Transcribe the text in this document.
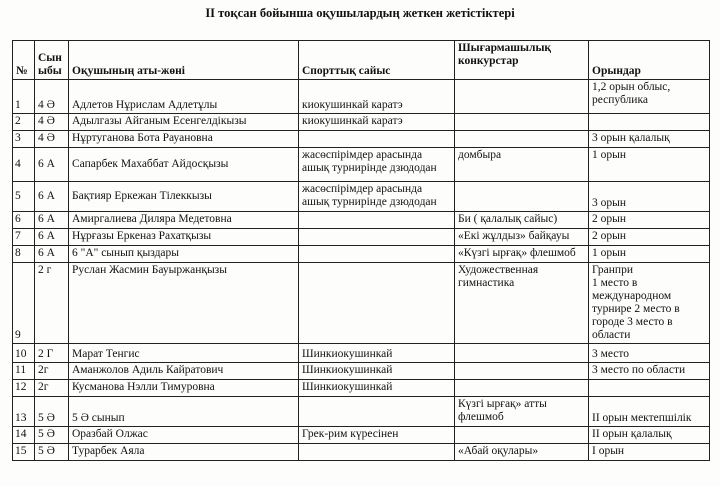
ІІ тоқсан бойынша оқушылардың жеткен жетістіктері
№	Сын ыбы	Оқушының аты-жөні	Спорттық сайыс	Шығармашылық конкурстар	Орындар
1	4 Ә	Адлетов Нұрислам Адлетұлы	киокушинкай каратэ		1,2 орын облыс, республика
2	4 Ә	Адылгазы Айганым Есенгелдікызы	киокушинкай каратэ		
3	4 Ә	Нұртуганова Бота Рауановна			3 орын қалалық
4	6 А	Сапарбек Махаббат Айдосқызы	жасөспірімдер арасында ашық турнирінде дзюдодан	домбыра	1 орын
5	6 А	Бақтияр Еркежан Тілеккызы	жасөспірімдер арасында ашық турнирінде дзюдодан		3 орын
6	6 А	Амиргалиева Диляра Медетовна		Би ( қалалық сайыс)	2 орын
7	6 А	Нұрғазы Еркеназ Рахатқызы		«Екі жұлдыз» байқауы	2 орын
8	6 А	6 "А" сынып қыздары		«Күзгі ырғақ» флешмоб	1 орын
9	2 г	Руслан Жасмин Бауыржанқызы		Художественная гимнастика	Гранпри
1 место в международном турнире 2 место в городе 3 место в области

10	2 Г	Марат Тенгис	Шинкиокушинкай		3 место
11	2г	Аманжолов Адиль Кайратович	Шинкиокушинкай		3 место по области
12	2г	Кусманова Нэлли Тимуровна	Шинкиокушинкай		
13	5 Ә	5 Ә сынып		Күзгі ырғақ» атты флешмоб	ІІ орын мектепшілік
14	5 Ә	Оразбай Олжас	Грек-рим күресінен		ІІ орын қалалық
15	5 Ә	Турарбек Аяла		«Абай оқулары»	І орын
